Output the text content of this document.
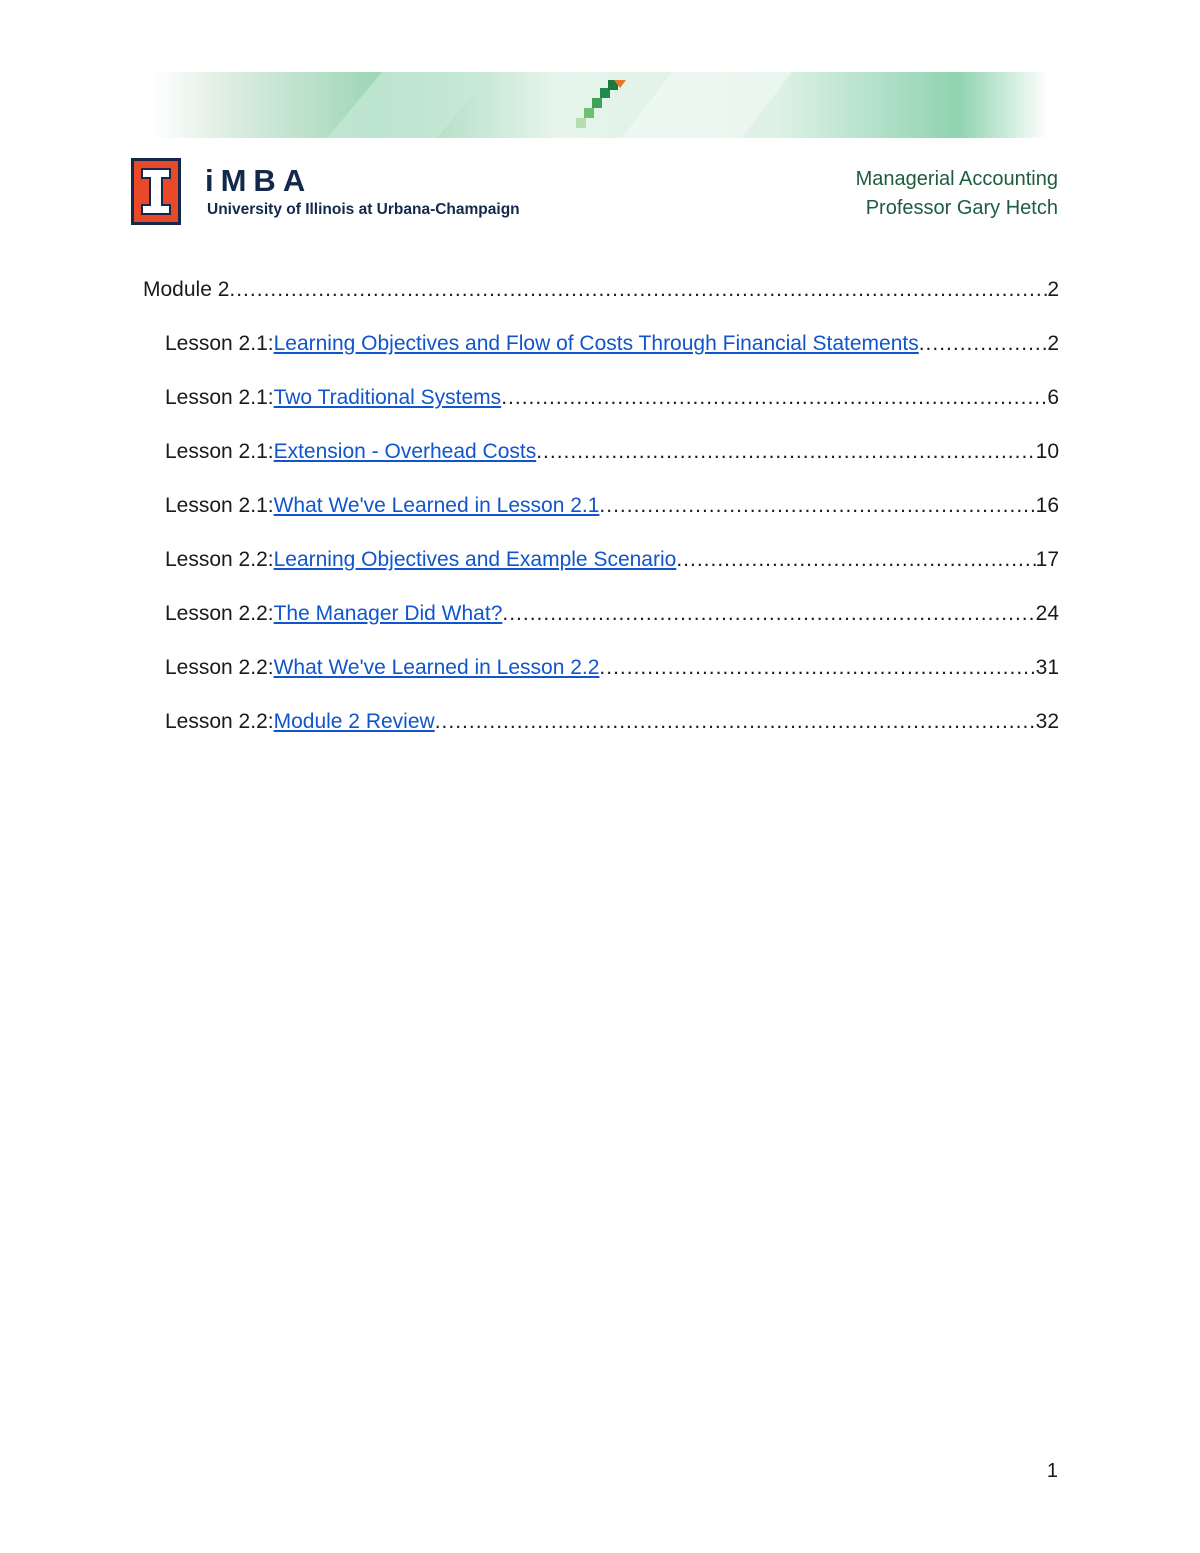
iMBA
University of Illinois at Urbana-Champaign
Managerial Accounting
Professor Gary Hetch
Module 2 .....	2
Lesson 2.1: Learning Objectives and Flow of Costs Through Financial Statements .....	2
Lesson 2.1: Two Traditional Systems .....	6
Lesson 2.1: Extension - Overhead Costs .....	10
Lesson 2.1: What We've Learned in Lesson 2.1 .....	16
Lesson 2.2: Learning Objectives and Example Scenario .....	17
Lesson 2.2: The Manager Did What? .....	24
Lesson 2.2: What We've Learned in Lesson 2.2 .....	31
Lesson 2.2: Module 2 Review .....	32
1
